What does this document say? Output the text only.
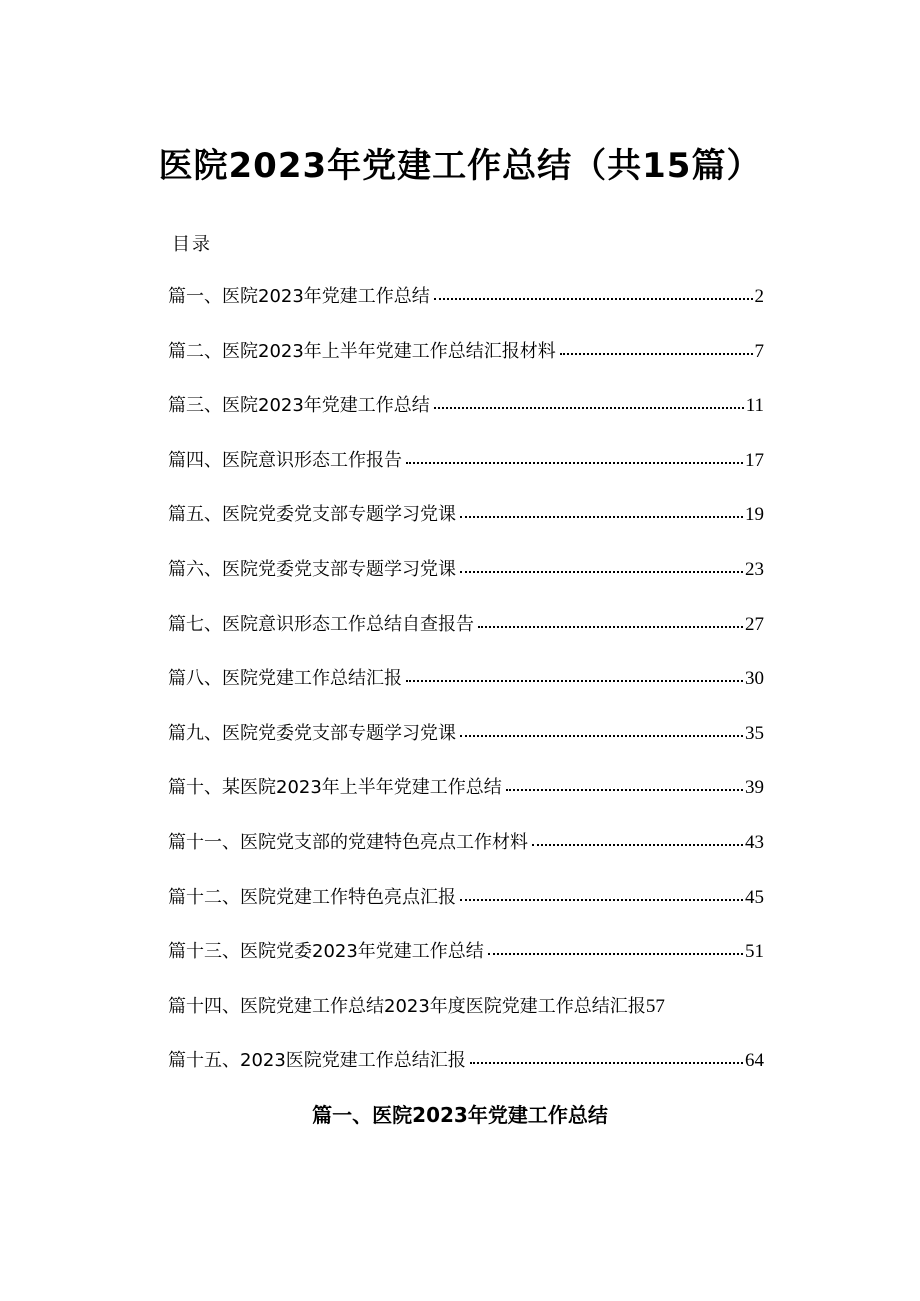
医院2023年党建工作总结（共15篇）
目录
篇一、医院2023年党建工作总结	2
篇二、医院2023年上半年党建工作总结汇报材料	7
篇三、医院2023年党建工作总结	11
篇四、医院意识形态工作报告	17
篇五、医院党委党支部专题学习党课	19
篇六、医院党委党支部专题学习党课	23
篇七、医院意识形态工作总结自查报告	27
篇八、医院党建工作总结汇报	30
篇九、医院党委党支部专题学习党课	35
篇十、某医院2023年上半年党建工作总结	39
篇十一、医院党支部的党建特色亮点工作材料	43
篇十二、医院党建工作特色亮点汇报	45
篇十三、医院党委2023年党建工作总结	51
篇十四、医院党建工作总结2023年度医院党建工作总结汇报 57
篇十五、2023医院党建工作总结汇报	64
篇一、医院2023年党建工作总结
